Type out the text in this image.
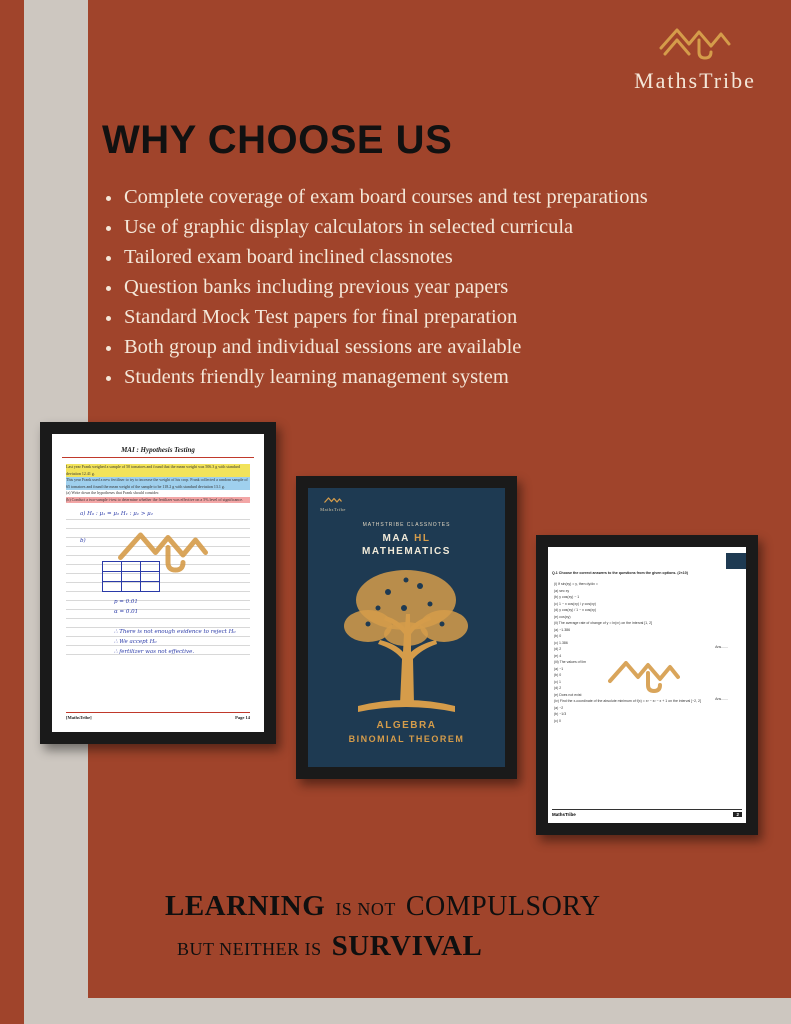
MathsTribe
WHY CHOOSE US
Complete coverage of exam board courses and test preparations
Use of graphic display calculators in selected curricula
Tailored exam board inclined classnotes
Question banks including previous year papers
Standard Mock Test papers for final preparation
Both group and individual sessions are available
Students friendly learning management system
MAI : Hypothesis Testing
Last year Frank weighed a sample of 50 tomatoes and found that the mean weight was 506.3 g with standard deviation 12.41 g.
This year Frank used a new fertiliser to try to increase the weight of his crop. Frank collected a random sample of 65 tomatoes and found the mean weight of the sample to be 118.2 g with standard deviation 13.1 g.
(a) Write down the hypotheses that Frank should consider.
(b) Conduct a two-sample t-test to determine whether the fertilizer was effective on a 5% level of significance.
a) H₀ : μ₁ = μ₂ H₁ : μ₁ > μ₂
b)

p = 0.01
α = 0.01
∴ There is not enough evidence to reject H₀
∴ We accept H₀
∴ fertilizer was not effective.
[MathsTribe]	Page 14
MathsTribe
MATHSTRIBE CLASSNOTES
MAA HL
MATHEMATICS
ALGEBRA
BINOMIAL THEOREM
Q.1 Choose the correct answers to the questions from the given options. (2×10)
(i) If sin(xy) = y, then dy/dx =
(a) sec xy
(b) y cos(xy) − 1
(c) 1 − x cos(xy) / y cos(xy)
(d) y cos(xy) / 1 − x cos(xy)
(e) cos(xy)
(ii) The average rate of change of y = ln(x²) on the interval [1, 2]
(a) −1.386
(b) 0
(c) 1.386
(d) 2
(e) 4
(iii) The values of lim
(a) −1
(b) 0
(c) 1
(d) 2
(e) Does not exist
(iv) Find the x-coordinate of the absolute minimum of f(x) = x³ − x² − x + 1 on the interval [−2, 2]
(a) −2
(b) −1/3
(c) 0
Ans.......
Ans.......
MathsTribe	2
LEARNING IS NOT COMPULSORY
BUT NEITHER IS SURVIVAL
